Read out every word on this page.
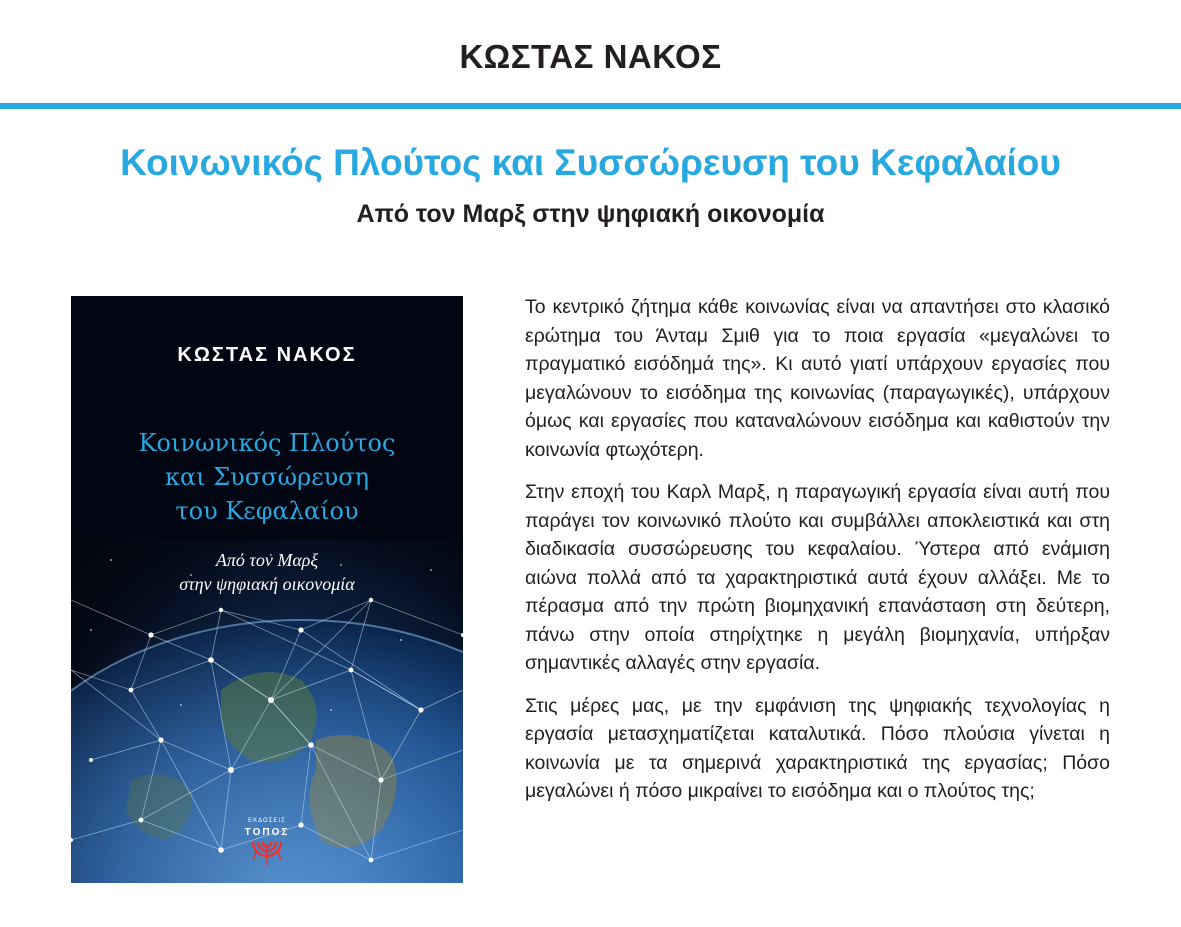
ΚΩΣΤΑΣ ΝΑΚΟΣ
Κοινωνικός Πλούτος και Συσσώρευση του Κεφαλαίου
Από τον Μαρξ στην ψηφιακή οικονομία
ΚΩΣΤΑΣ ΝΑΚΟΣ
Κοινωνικός Πλούτος
και Συσσώρευση
του Κεφαλαίου
Από τον Μαρξ
στην ψηφιακή οικονομία
ΕΚΔΟΣΕΙΣ
ΤΟΠΟΣ

Το κεντρικό ζήτημα κάθε κοινωνίας είναι να απαντήσει στο κλασικό ερώτημα του Άνταμ Σμιθ για το ποια εργασία «μεγαλώνει το πραγματικό εισόδημά της». Κι αυτό γιατί υπάρχουν εργασίες που μεγαλώνουν το εισόδημα της κοινωνίας (παραγωγικές), υπάρχουν όμως και εργασίες που καταναλώνουν εισόδημα και καθιστούν την κοινωνία φτωχότερη.

Στην εποχή του Καρλ Μαρξ, η παραγωγική εργασία είναι αυτή που παράγει τον κοινωνικό πλούτο και συμβάλλει αποκλειστικά και στη διαδικασία συσσώρευσης του κεφαλαίου. Ύστερα από ενάμιση αιώνα πολλά από τα χαρακτηριστικά αυτά έχουν αλλάξει. Με το πέρασμα από την πρώτη βιομηχανική επανάσταση στη δεύτερη, πάνω στην οποία στηρίχτηκε η μεγάλη βιομηχανία, υπήρξαν σημαντικές αλλαγές στην εργασία.

Στις μέρες μας, με την εμφάνιση της ψηφιακής τεχνολογίας η εργασία μετασχηματίζεται καταλυτικά. Πόσο πλούσια γίνεται η κοινωνία με τα σημερινά χαρακτηριστικά της εργασίας; Πόσο μεγαλώνει ή πόσο μικραίνει το εισόδημα και ο πλούτος της;
